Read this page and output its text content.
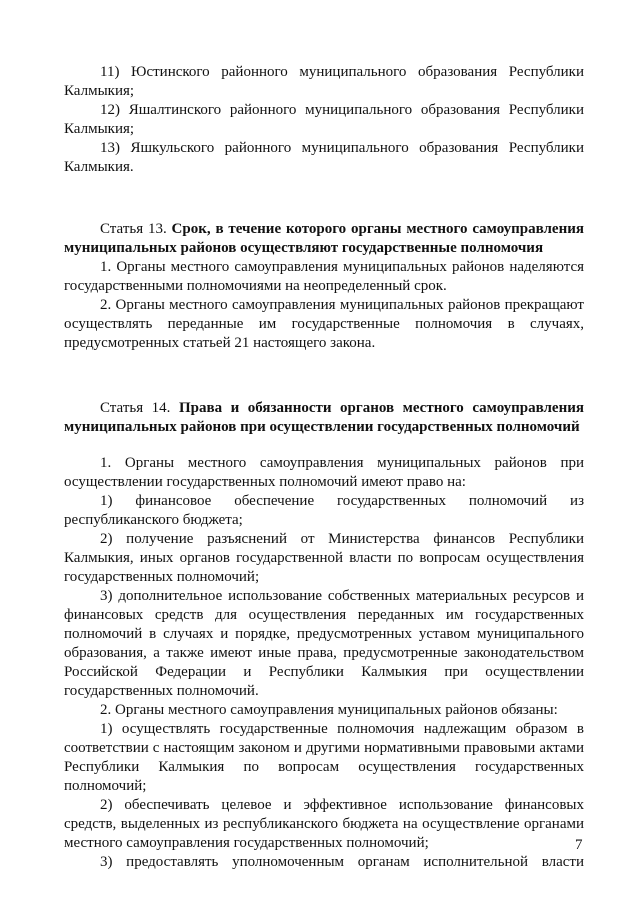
11) Юстинского районного муниципального образования Республики Калмыкия;

12) Яшалтинского районного муниципального образования Республики Калмыкия;

13) Яшкульского районного муниципального образования Республики Калмыкия.

Статья 13. Срок, в течение которого органы местного самоуправления муниципальных районов осуществляют государственные полномочия

1. Органы местного самоуправления муниципальных районов наделяются государственными полномочиями на неопределенный срок.

2. Органы местного самоуправления муниципальных районов прекращают осуществлять переданные им государственные полномочия в случаях, предусмотренных статьей 21 настоящего закона.

Статья 14. Права и обязанности органов местного самоуправления муниципальных районов при осуществлении государственных полномочий

1. Органы местного самоуправления муниципальных районов при осуществлении государственных полномочий имеют право на:

1) финансовое обеспечение государственных полномочий из республиканского бюджета;

2) получение разъяснений от Министерства финансов Республики Калмыкия, иных органов государственной власти по вопросам осуществления государственных полномочий;

3) дополнительное использование собственных материальных ресурсов и финансовых средств для осуществления переданных им государственных полномочий в случаях и порядке, предусмотренных уставом муниципального образования, а также имеют иные права, предусмотренные законодательством Российской Федерации и Республики Калмыкия при осуществлении государственных полномочий.

2. Органы местного самоуправления муниципальных районов обязаны:

1) осуществлять государственные полномочия надлежащим образом в соответствии с настоящим законом и другими нормативными правовыми актами Республики Калмыкия по вопросам осуществления государственных полномочий;

2) обеспечивать целевое и эффективное использование финансовых средств, выделенных из республиканского бюджета на осуществление органами местного самоуправления государственных полномочий;

3) предоставлять уполномоченным органам исполнительной власти

7
